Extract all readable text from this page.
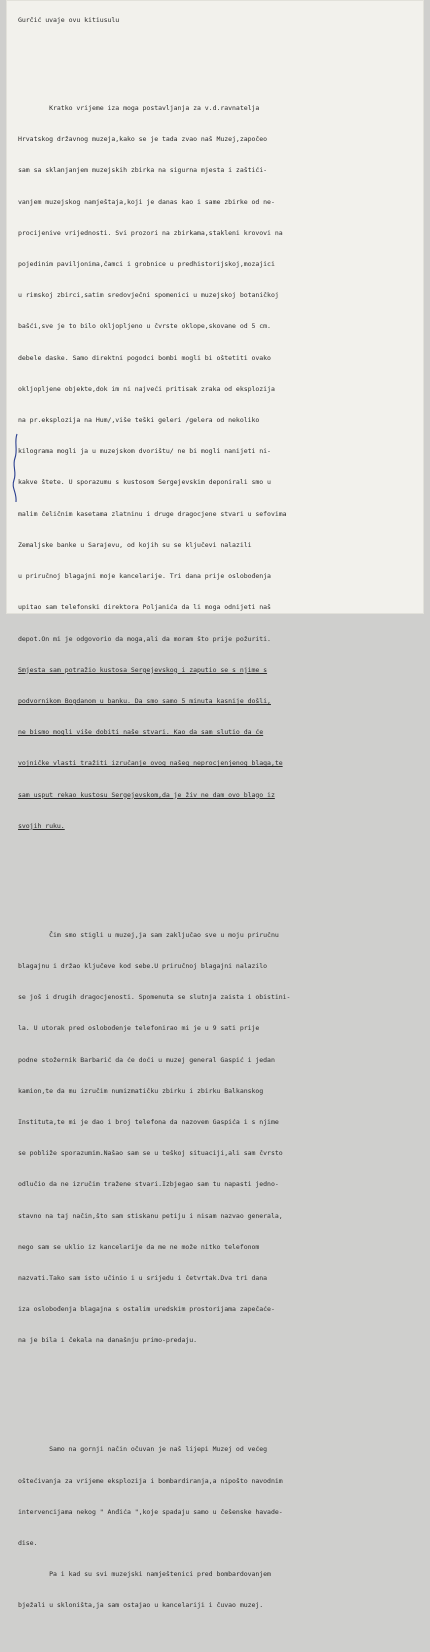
Gurčić uvaje ovu kitiusulu

Kratko vrijeme iza moga postavljanja za v.d.ravnatelja

Hrvatskog državnog muzeja,kako se je tada zvao naš Muzej,započeo

sam sa sklanjanjem muzejskih zbirka na sigurna mjesta i zaštići-

vanjem muzejskog namještaja,koji je danas kao i same zbirke od ne-

procijenive vrijednosti. Svi prozori na zbirkama,stakleni krovovi na

pojedinim paviljonima,čamci i grobnice u predhistorijskoj,mozajici

u rimskoj zbirci,satim sredovječni spomenici u muzejskoj botaničkoj

bašći,sve je to bilo okljopljeno u čvrste oklope,skovane od 5 cm.

debele daske. Samo direktni pogodci bombi mogli bi oštetiti ovako

okljopljene objekte,dok im ni najveći pritisak zraka od eksplozija

na pr.eksplozija na Hum/,više teški geleri /gelera od nekoliko

kilograma mogli ja u muzejskom dvorištu/ ne bi mogli nanijeti ni-

kakve štete. U sporazumu s kustosom Sergejevskim deponirali smo u

malim čeličnim kasetama zlatninu i druge dragocjene stvari u sefovima

Zemaljske banke u Sarajevu, od kojih su se ključevi nalazili

u priručnoj blagajni moje kancelarije. Tri dana prije oslobođenja

upitao sam telefonski direktora Poljanića da li moga odnijeti naš

depot.On mi je odgovorio da moga,ali da moram što prije požuriti.

Smjesta sam potražio kustosa Sergejevskog i zaputio se s njime s

podvornikom Bogdanom u banku. Da smo samo 5 minuta kasnije došli,

ne bismo mogli više dobiti naše stvari. Kao da sam slutio da će

vojničke vlasti tražiti izručanje ovog našeg neprocjenjenog blaga,te

sam usput rekao kustosu Sergejevskom,da je živ ne dam ovo blago iz

svojih ruku.

Čim smo stigli u muzej,ja sam zaključao sve u moju priručnu

blagajnu i držao ključeve kod sebe.U priručnoj blagajni nalazilo

se još i drugih dragocjenosti. Spomenuta se slutnja zaista i obistini-

la. U utorak pred oslobođenje telefonirao mi je u 9 sati prije

podne stožernik Barbarić da će doći u muzej general Gaspić i jedan

kamion,te da mu izručim numizmatičku zbirku i zbirku Balkanskog

Instituta,te mi je dao i broj telefona da nazovem Gaspića i s njime

se pobliže sporazumim.Našao sam se u teškoj situaciji,ali sam čvrsto

odlučio da ne izručim tražene stvari.Izbjegao sam tu napasti jedno-

stavno na taj način,što sam stiskanu petiju i nisam nazvao generala,

nego sam se uklio iz kancelarije da me ne može nitko telefonom

nazvati.Tako sam isto učinio i u srijedu i četvrtak.Dva tri dana

iza oslobođenja blagajna s ostalim uredskim prostorijama zapečaće-

na je bila i čekala na današnju primo-predaju.

Samo na gornji način očuvan je naš lijepi Muzej od većeg

oštećivanja za vrijeme eksplozija i bombardiranja,a nipošto navodnim

intervencijama nekog " Anđića ",koje spadaju samo u češenske havade-

dise.

Pa i kad su svi muzejski namještenici pred bombardovanjem

bježali u skloništa,ja sam ostajao u kancelariji i čuvao muzej.
